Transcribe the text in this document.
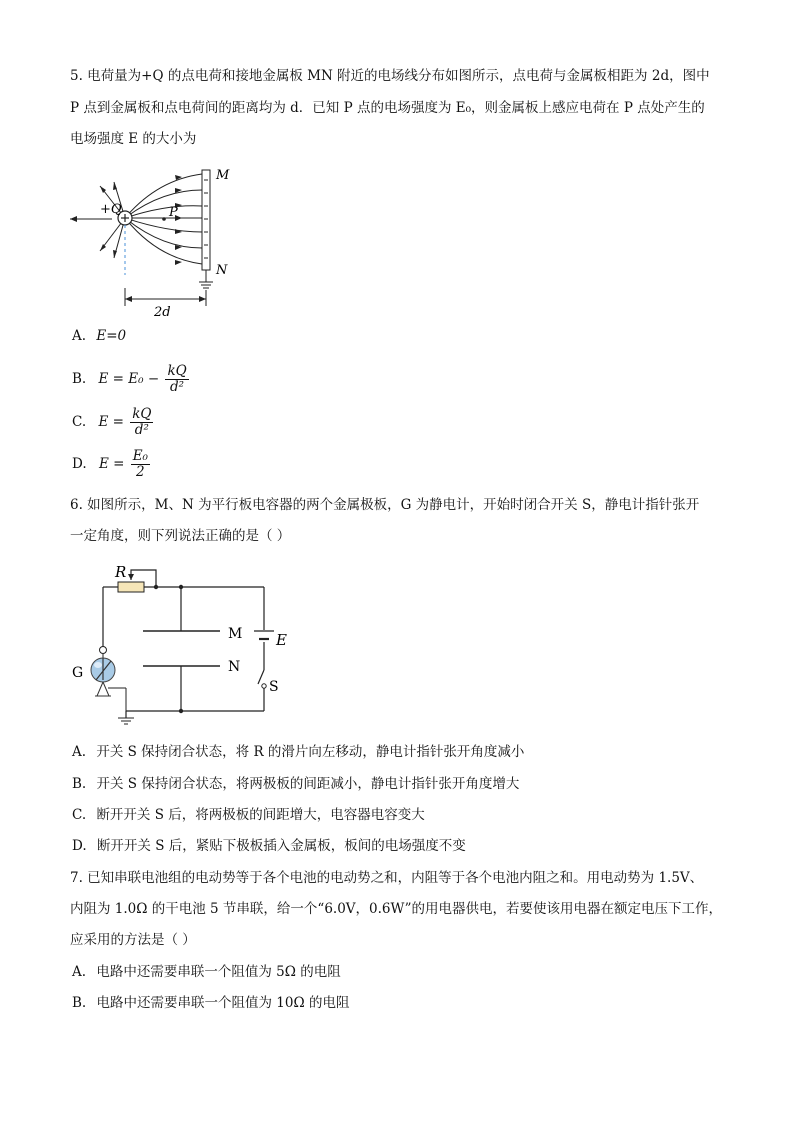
5. 电荷量为+Q 的点电荷和接地金属板 MN 附近的电场线分布如图所示，点电荷与金属板相距为 2d，图中
P 点到金属板和点电荷间的距离均为 d．已知 P 点的电场强度为 E₀，则金属板上感应电荷在 P 点处产生的
电场强度 E 的大小为
+Q	P
M
N
2d
A. E=0
B. $E = E_0 - \frac{kQ}{\text{d²}}$
C. $E = \frac{kQ}{\text{d²}}$
D. $E = \frac{\text{E₀}}{2}$
6. 如图所示，M、N 为平行板电容器的两个金属极板，G 为静电计，开始时闭合开关 S，静电计指针张开
一定角度，则下列说法正确的是（ ）
R
M
N
E
S
G
A. 开关 S 保持闭合状态，将 R 的滑片向左移动，静电计指针张开角度减小
B. 开关 S 保持闭合状态，将两极板的间距减小，静电计指针张开角度增大
C. 断开开关 S 后，将两极板的间距增大，电容器电容变大
D. 断开开关 S 后，紧贴下极板插入金属板，板间的电场强度不变
7. 已知串联电池组的电动势等于各个电池的电动势之和，内阻等于各个电池内阻之和。用电动势为 1.5V、
内阻为 1.0Ω 的干电池 5 节串联，给一个“6.0V，0.6W”的用电器供电，若要使该用电器在额定电压下工作，
应采用的方法是（ ）
A. 电路中还需要串联一个阻值为 5Ω 的电阻
B. 电路中还需要串联一个阻值为 10Ω 的电阻
